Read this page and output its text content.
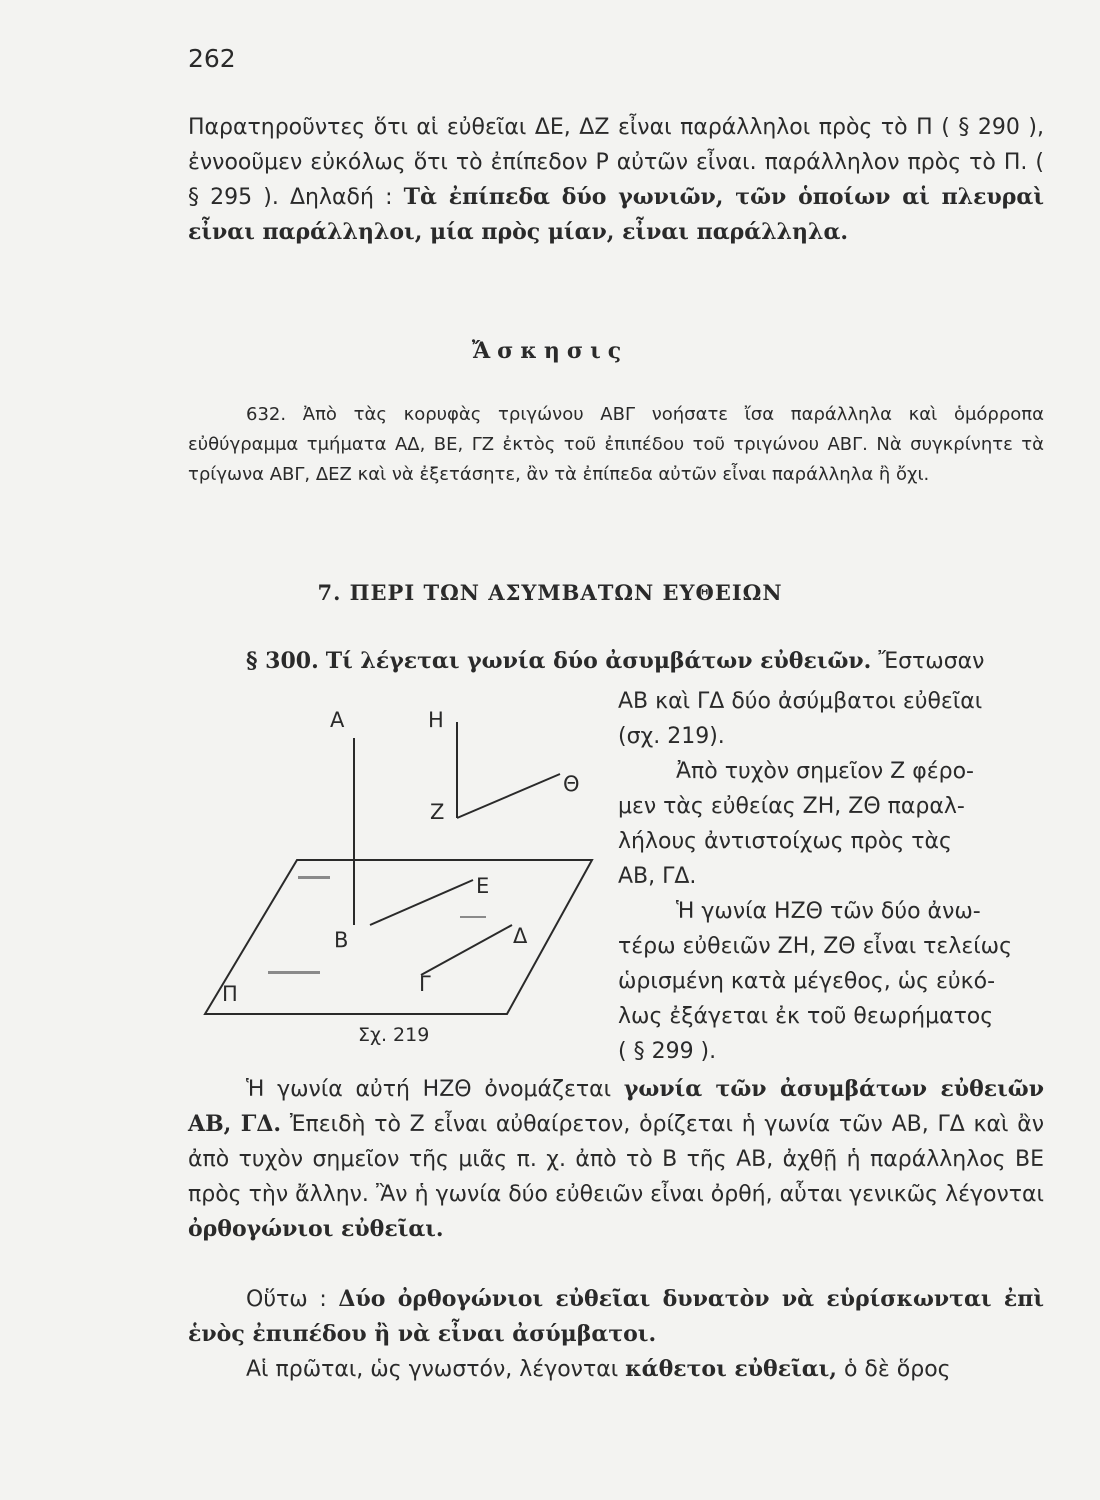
262

Παρατηροῦντες ὅτι αἱ εὐθεῖαι ΔΕ, ΔΖ εἶναι παράλληλοι πρὸς τὸ Π ( § 290 ), ἐννοοῦμεν εὐκόλως ὅτι τὸ ἐπίπεδον Ρ αὐτῶν εἶναι. παράλληλον πρὸς τὸ Π. ( § 295 ). Δηλαδή : Τὰ ἐπίπεδα δύο γωνιῶν, τῶν ὁποίων αἱ πλευραὶ εἶναι παράλληλοι, μία πρὸς μίαν, εἶναι παράλληλα.

Ἄσκησις

632. Ἀπὸ τὰς κορυφὰς τριγώνου ΑΒΓ νοήσατε ἴσα παράλληλα καὶ ὁμόρροπα εὐθύγραμμα τμήματα ΑΔ, ΒΕ, ΓΖ ἐκτὸς τοῦ ἐπιπέδου τοῦ τριγώνου ΑΒΓ. Νὰ συγκρίνητε τὰ τρίγωνα ΑΒΓ, ΔΕΖ καὶ νὰ ἐξετάσητε, ἂν τὰ ἐπίπεδα αὐτῶν εἶναι παράλληλα ἢ ὄχι.

7. ΠΕΡΙ ΤΩΝ ΑΣΥΜΒΑΤΩΝ ΕΥΘΕΙΩΝ
§ 300. Τί λέγεται γωνία δύο ἀσυμβάτων εὐθειῶν. Ἔστωσαν

ΑΒ καὶ ΓΔ δύο ἀσύμβατοι εὐθεῖαι
(σχ. 219).
Ἀπὸ τυχὸν σημεῖον Ζ φέρο-
μεν τὰς εὐθείας ΖΗ, ΖΘ παραλ-
λήλους ἀντιστοίχως πρὸς τὰς
ΑΒ, ΓΔ.
Ἡ γωνία ΗΖΘ τῶν δύο ἀνω-
τέρω εὐθειῶν ΖΗ, ΖΘ εἶναι τελείως
ὡρισμένη κατὰ μέγεθος, ὡς εὐκό-
λως ἐξάγεται ἐκ τοῦ θεωρήματος
( § 299 ).

Α	Η
Ζ
Θ
Ε
Β	Δ
Γ
Π
Σχ. 219

Ἡ γωνία αὐτή ΗΖΘ ὀνομάζεται γωνία τῶν ἀσυμβάτων εὐθειῶν ΑΒ, ΓΔ. Ἐπειδὴ τὸ Ζ εἶναι αὐθαίρετον, ὁρίζεται ἡ γωνία τῶν ΑΒ, ΓΔ καὶ ἂν ἀπὸ τυχὸν σημεῖον τῆς μιᾶς π. χ. ἀπὸ τὸ Β τῆς ΑΒ, ἀχθῇ ἡ παράλληλος ΒΕ πρὸς τὴν ἄλλην. Ἂν ἡ γωνία δύο εὐθειῶν εἶναι ὀρθή, αὗται γενικῶς λέγονται ὀρθογώνιοι εὐθεῖαι.

Οὕτω : Δύο ὀρθογώνιοι εὐθεῖαι δυνατὸν νὰ εὑρίσκωνται ἐπὶ ἑνὸς ἐπιπέδου ἢ νὰ εἶναι ἀσύμβατοι.

Αἱ πρῶται, ὡς γνωστόν, λέγονται κάθετοι εὐθεῖαι, ὁ δὲ ὅρος
